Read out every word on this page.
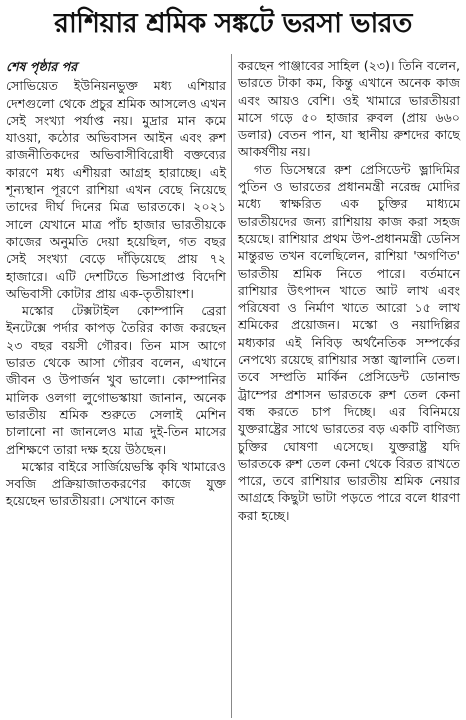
রাশিয়ার শ্রমিক সঙ্কটে ভরসা ভারত
শেষ পৃষ্ঠার পর

সোভিয়েত ইউনিয়নভুক্ত মধ্য এশিয়ার দেশগুলো থেকে প্রচুর শ্রমিক আসলেও এখন সেই সংখ্যা পর্যাপ্ত নয়। মুদ্রার মান কমে যাওয়া, কঠোর অভিবাসন আইন এবং রুশ রাজনীতিকদের অভিবাসীবিরোধী বক্তব্যের কারণে মধ্য এশীয়রা আগ্রহ হারাচ্ছে। এই শূন্যস্থান পূরণে রাশিয়া এখন বেছে নিয়েছে তাদের দীর্ঘ দিনের মিত্র ভারতকে। ২০২১ সালে যেখানে মাত্র পাঁচ হাজার ভারতীয়কে কাজের অনুমতি দেয়া হয়েছিল, গত বছর সেই সংখ্যা বেড়ে দাঁড়িয়েছে প্রায় ৭২ হাজারে। এটি দেশটিতে ভিসাপ্রাপ্ত বিদেশি অভিবাসী কোটার প্রায় এক-তৃতীয়াংশ।

মস্কোর টেক্সটাইল কোম্পানি ব্রেরা ইনটেক্সে পর্দার কাপড় তৈরির কাজ করছেন ২৩ বছর বয়সী গৌরব। তিন মাস আগে ভারত থেকে আসা গৌরব বলেন, এখানে জীবন ও উপার্জন খুব ভালো। কোম্পানির মালিক ওলগা লুগোভস্কায়া জানান, অনেক ভারতীয় শ্রমিক শুরুতে সেলাই মেশিন চালানো না জানলেও মাত্র দুই-তিন মাসের প্রশিক্ষণে তারা দক্ষ হয়ে উঠছেন।

মস্কোর বাইরে সার্জিয়েভস্কি কৃষি খামারেও সবজি প্রক্রিয়াজাতকরণের কাজে যুক্ত হয়েছেন ভারতীয়রা। সেখানে কাজ

করছেন পাঞ্জাবের সাহিল (২৩)। তিনি বলেন, ভারতে টাকা কম, কিন্তু এখানে অনেক কাজ এবং আয়ও বেশি। ওই খামারে ভারতীয়রা মাসে গড়ে ৫০ হাজার রুবল (প্রায় ৬৬০ ডলার) বেতন পান, যা স্থানীয় রুশদের কাছে আকর্ষণীয় নয়।

গত ডিসেম্বরে রুশ প্রেসিডেন্ট ভ্লাদিমির পুতিন ও ভারতের প্রধানমন্ত্রী নরেন্দ্র মোদির মধ্যে স্বাক্ষরিত এক চুক্তির মাধ্যমে ভারতীয়দের জন্য রাশিয়ায় কাজ করা সহজ হয়েছে। রাশিয়ার প্রথম উপ-প্রধানমন্ত্রী ডেনিস মান্তুরভ তখন বলেছিলেন, রাশিয়া 'অগণিত' ভারতীয় শ্রমিক নিতে পারে। বর্তমানে রাশিয়ার উৎপাদন খাতে আট লাখ এবং পরিষেবা ও নির্মাণ খাতে আরো ১৫ লাখ শ্রমিকের প্রয়োজন। মস্কো ও নয়াদিল্লির মধ্যকার এই নিবিড় অর্থনৈতিক সম্পর্কের নেপথ্যে রয়েছে রাশিয়ার সস্তা জ্বালানি তেল। তবে সম্প্রতি মার্কিন প্রেসিডেন্ট ডোনাল্ড ট্রাম্পের প্রশাসন ভারতকে রুশ তেল কেনা বন্ধ করতে চাপ দিচ্ছে। এর বিনিময়ে যুক্তরাষ্ট্রের সাথে ভারতের বড় একটি বাণিজ্য চুক্তির ঘোষণা এসেছে। যুক্তরাষ্ট্র যদি ভারতকে রুশ তেল কেনা থেকে বিরত রাখতে পারে, তবে রাশিয়ার ভারতীয় শ্রমিক নেয়ার আগ্রহে কিছুটা ভাটা পড়তে পারে বলে ধারণা করা হচ্ছে।
